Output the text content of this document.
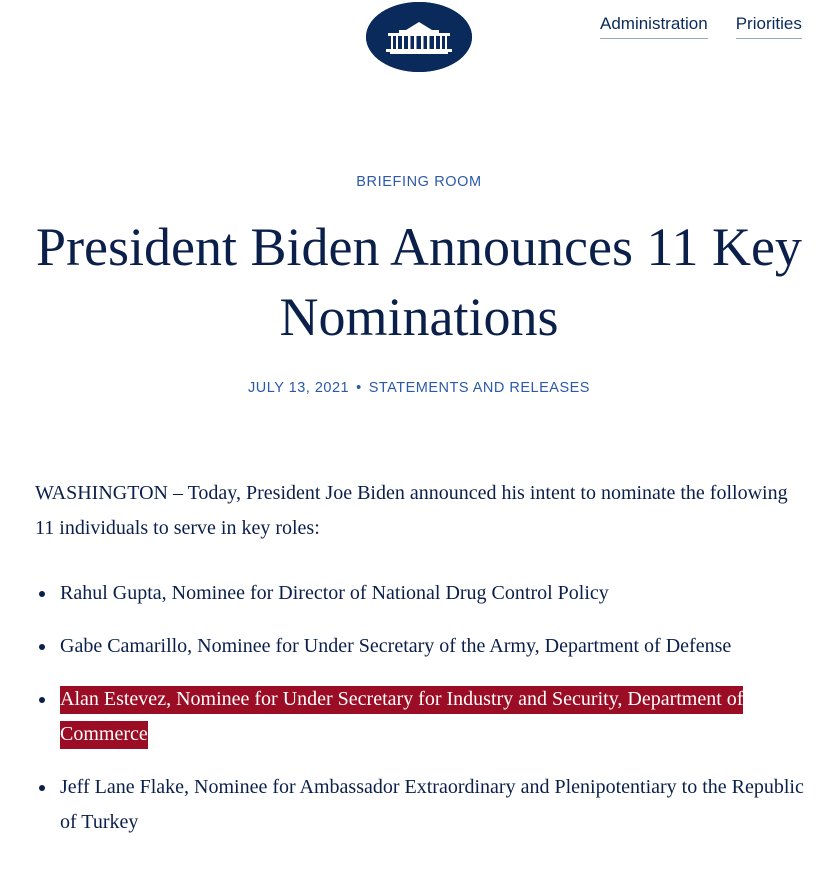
Administration Priorities
BRIEFING ROOM
President Biden Announces 11 Key Nominations
JULY 13, 2021 • STATEMENTS AND RELEASES

WASHINGTON – Today, President Joe Biden announced his intent to nominate the following 11 individuals to serve in key roles:

Rahul Gupta, Nominee for Director of National Drug Control Policy
Gabe Camarillo, Nominee for Under Secretary of the Army, Department of Defense
Alan Estevez, Nominee for Under Secretary for Industry and Security, Department of Commerce
Jeff Lane Flake, Nominee for Ambassador Extraordinary and Plenipotentiary to the Republic of Turkey
